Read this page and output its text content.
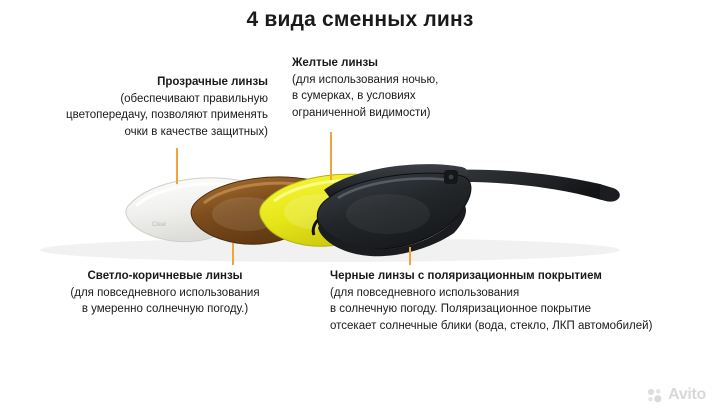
4 вида сменных линз
Clear
Прозрачные линзы
(обеспечивают правильную
цветопередачу, позволяют применять
очки в качестве защитных)
Желтые линзы
(для использования ночью,
в сумерках, в условиях
ограниченной видимости)
Светло-коричневые линзы
(для повседневного использования
в умеренно солнечную погоду.)
Черные линзы с поляризационным покрытием
(для повседневного использования
в солнечную погоду. Поляризационное покрытие
отсекает солнечные блики (вода, стекло, ЛКП автомобилей)
Avito
